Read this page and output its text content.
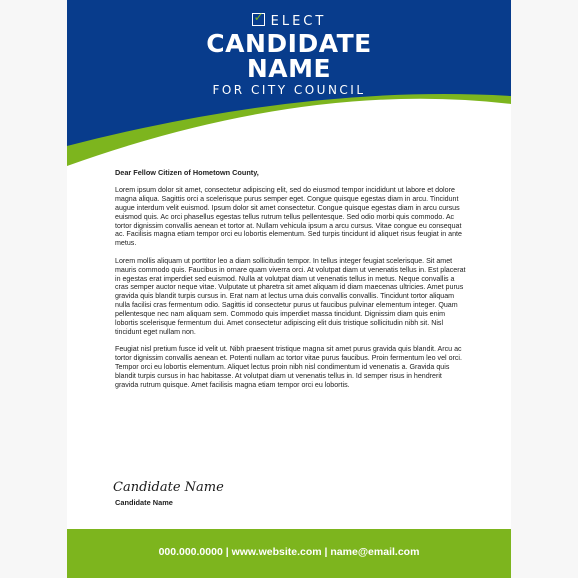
✓ ELECT
CANDIDATE
NAME
FOR CITY COUNCIL
Dear Fellow Citizen of Hometown County,

Lorem ipsum dolor sit amet, consectetur adipiscing elit, sed do eiusmod tempor incididunt ut labore et dolore magna aliqua. Sagittis orci a scelerisque purus semper eget. Congue quisque egestas diam in arcu. Tincidunt augue interdum velit euismod. Ipsum dolor sit amet consectetur. Congue quisque egestas diam in arcu cursus euismod quis. Ac orci phasellus egestas tellus rutrum tellus pellentesque. Sed odio morbi quis commodo. Ac tortor dignissim convallis aenean et tortor at. Nullam vehicula ipsum a arcu cursus. Vitae congue eu consequat ac. Facilisis magna etiam tempor orci eu lobortis elementum. Sed turpis tincidunt id aliquet risus feugiat in ante metus.

Lorem mollis aliquam ut porttitor leo a diam sollicitudin tempor. In tellus integer feugiat scelerisque. Sit amet mauris commodo quis. Faucibus in ornare quam viverra orci. At volutpat diam ut venenatis tellus in. Est placerat in egestas erat imperdiet sed euismod. Nulla at volutpat diam ut venenatis tellus in metus. Neque convallis a cras semper auctor neque vitae. Vulputate ut pharetra sit amet aliquam id diam maecenas ultricies. Amet purus gravida quis blandit turpis cursus in. Erat nam at lectus urna duis convallis convallis. Tincidunt tortor aliquam nulla facilisi cras fermentum odio. Sagittis id consectetur purus ut faucibus pulvinar elementum integer. Quam pellentesque nec nam aliquam sem. Commodo quis imperdiet massa tincidunt. Dignissim diam quis enim lobortis scelerisque fermentum dui. Amet consectetur adipiscing elit duis tristique sollicitudin nibh sit. Nisl tincidunt eget nullam non.

Feugiat nisl pretium fusce id velit ut. Nibh praesent tristique magna sit amet purus gravida quis blandit. Arcu ac tortor dignissim convallis aenean et. Potenti nullam ac tortor vitae purus faucibus. Proin fermentum leo vel orci. Tempor orci eu lobortis elementum. Aliquet lectus proin nibh nisl condimentum id venenatis a. Gravida quis blandit turpis cursus in hac habitasse. At volutpat diam ut venenatis tellus in. Id semper risus in hendrerit gravida rutrum quisque. Amet facilisis magna etiam tempor orci eu lobortis.

Candidate Name
Candidate Name
000.000.0000 | www.website.com | name@email.com
